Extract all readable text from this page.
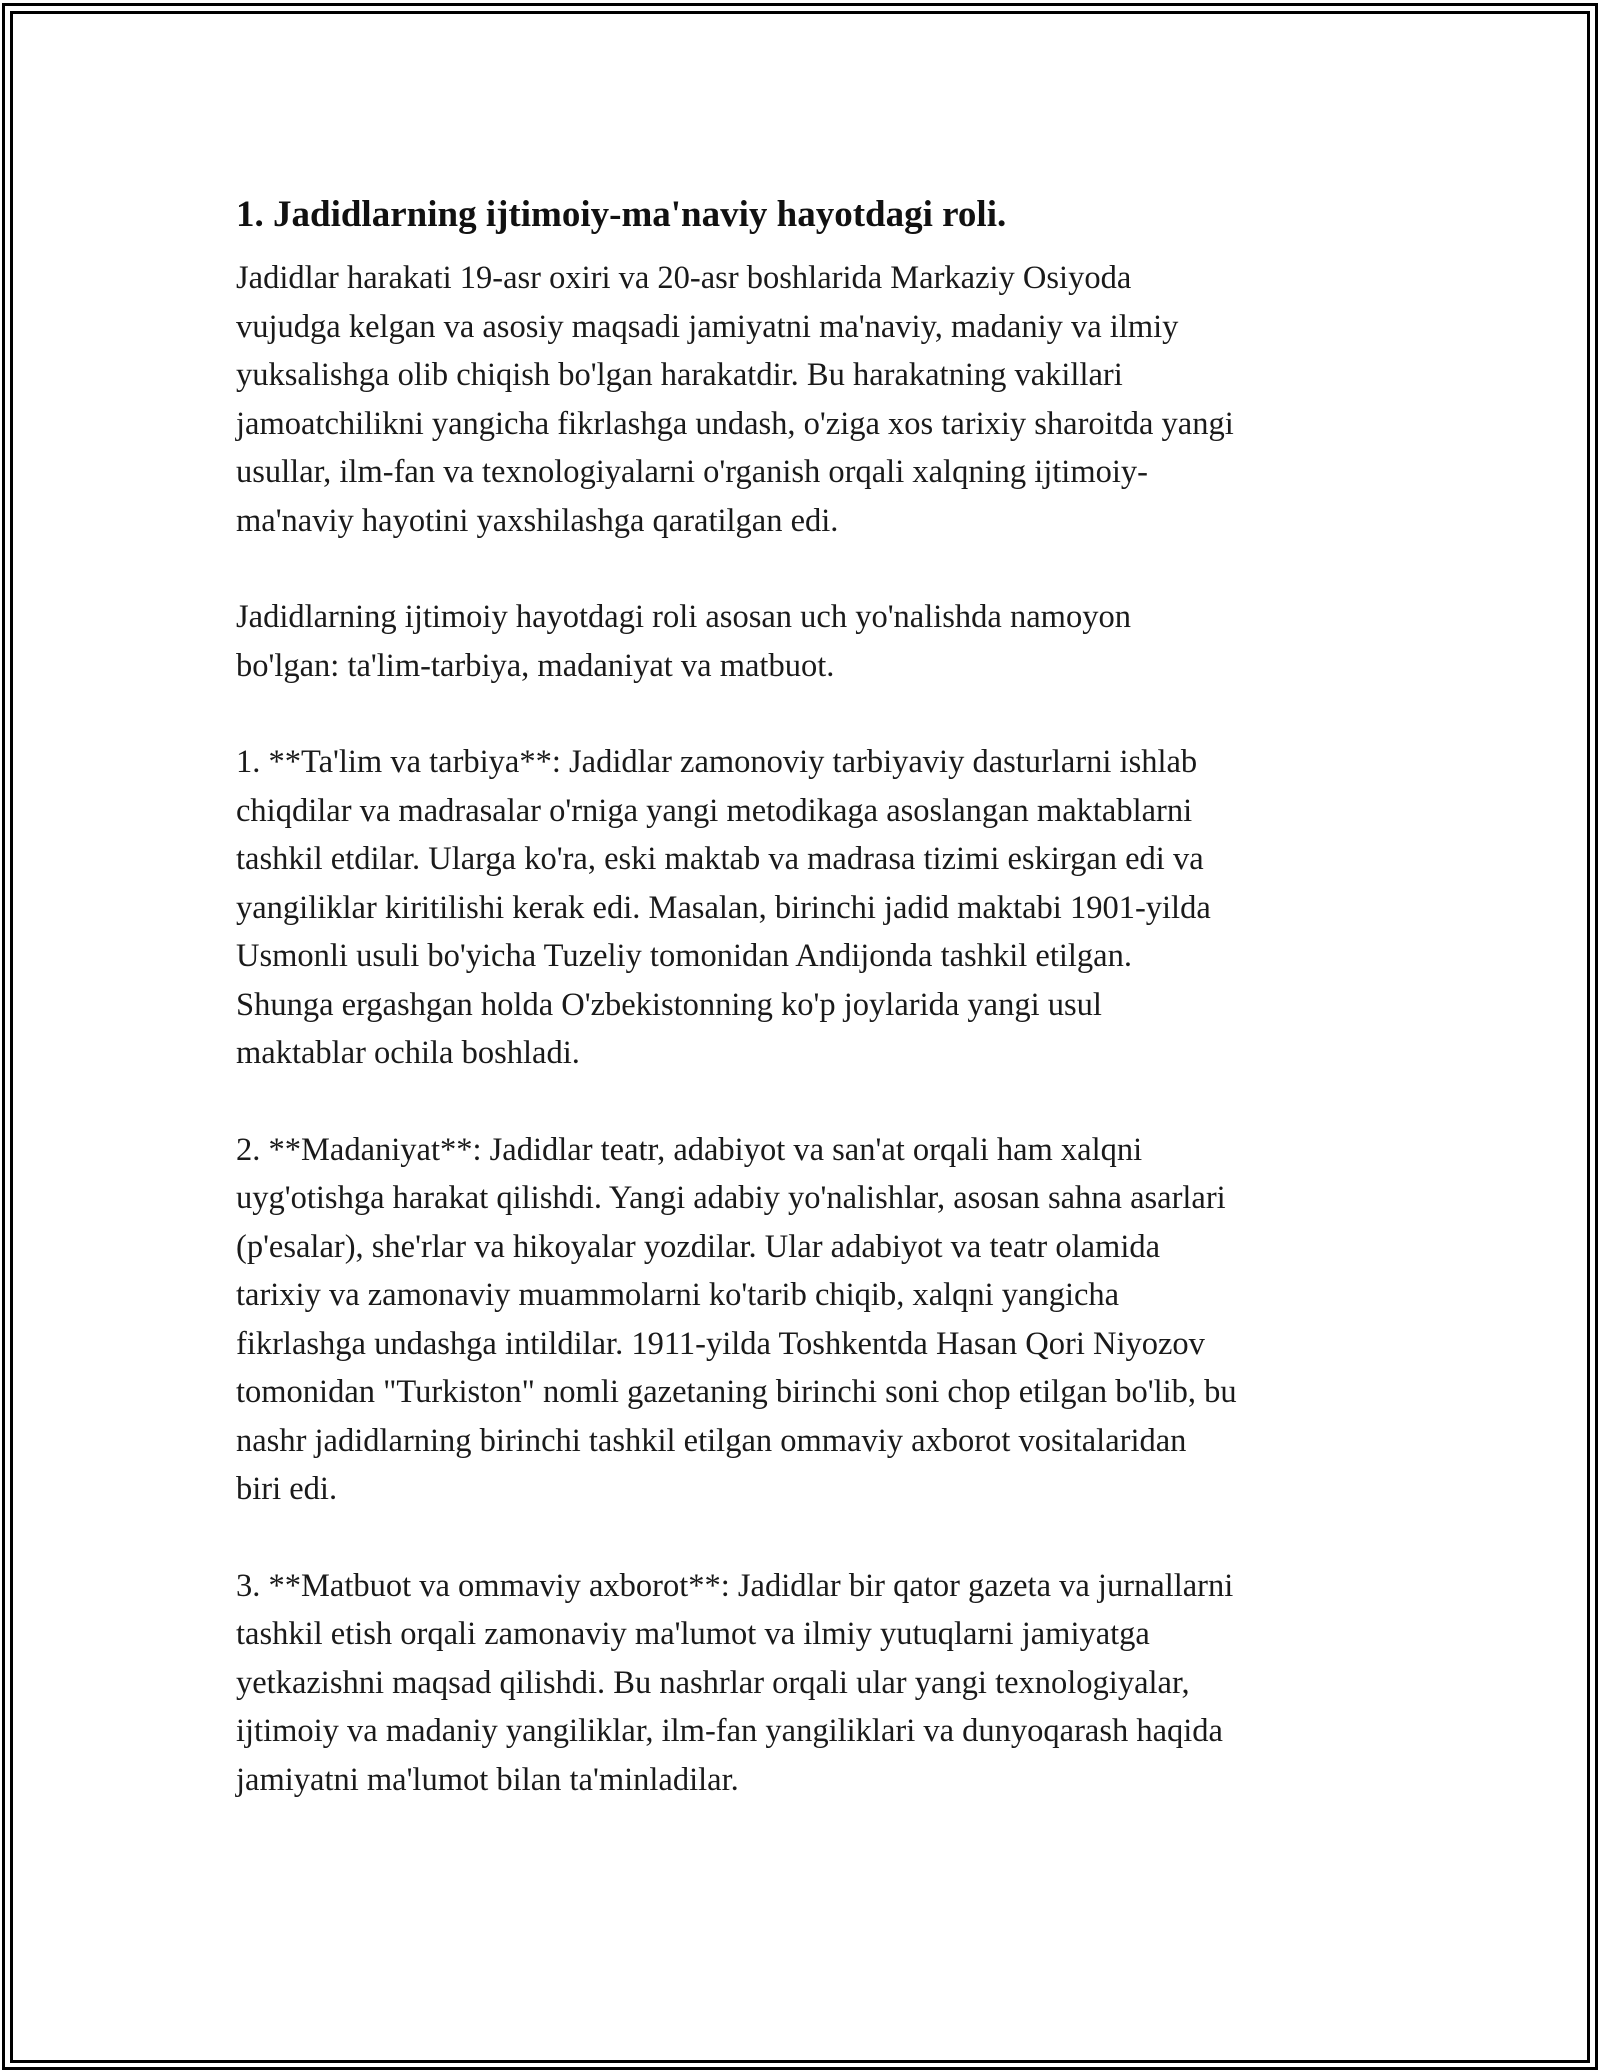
1. Jadidlarning ijtimoiy-ma'naviy hayotdagi roli.

Jadidlar harakati 19-asr oxiri va 20-asr boshlarida Markaziy Osiyoda
vujudga kelgan va asosiy maqsadi jamiyatni ma'naviy, madaniy va ilmiy
yuksalishga olib chiqish bo'lgan harakatdir. Bu harakatning vakillari
jamoatchilikni yangicha fikrlashga undash, o'ziga xos tarixiy sharoitda yangi
usullar, ilm-fan va texnologiyalarni o'rganish orqali xalqning ijtimoiy-
ma'naviy hayotini yaxshilashga qaratilgan edi.

Jadidlarning ijtimoiy hayotdagi roli asosan uch yo'nalishda namoyon
bo'lgan: ta'lim-tarbiya, madaniyat va matbuot.

1. **Ta'lim va tarbiya**: Jadidlar zamonoviy tarbiyaviy dasturlarni ishlab
chiqdilar va madrasalar o'rniga yangi metodikaga asoslangan maktablarni
tashkil etdilar. Ularga ko'ra, eski maktab va madrasa tizimi eskirgan edi va
yangiliklar kiritilishi kerak edi. Masalan, birinchi jadid maktabi 1901-yilda
Usmonli usuli bo'yicha Tuzeliy tomonidan Andijonda tashkil etilgan.
Shunga ergashgan holda O'zbekistonning ko'p joylarida yangi usul
maktablar ochila boshladi.

2. **Madaniyat**: Jadidlar teatr, adabiyot va san'at orqali ham xalqni
uyg'otishga harakat qilishdi. Yangi adabiy yo'nalishlar, asosan sahna asarlari
(p'esalar), she'rlar va hikoyalar yozdilar. Ular adabiyot va teatr olamida
tarixiy va zamonaviy muammolarni ko'tarib chiqib, xalqni yangicha
fikrlashga undashga intildilar. 1911-yilda Toshkentda Hasan Qori Niyozov
tomonidan "Turkiston" nomli gazetaning birinchi soni chop etilgan bo'lib, bu
nashr jadidlarning birinchi tashkil etilgan ommaviy axborot vositalaridan
biri edi.

3. **Matbuot va ommaviy axborot**: Jadidlar bir qator gazeta va jurnallarni
tashkil etish orqali zamonaviy ma'lumot va ilmiy yutuqlarni jamiyatga
yetkazishni maqsad qilishdi. Bu nashrlar orqali ular yangi texnologiyalar,
ijtimoiy va madaniy yangiliklar, ilm-fan yangiliklari va dunyoqarash haqida
jamiyatni ma'lumot bilan ta'minladilar.
